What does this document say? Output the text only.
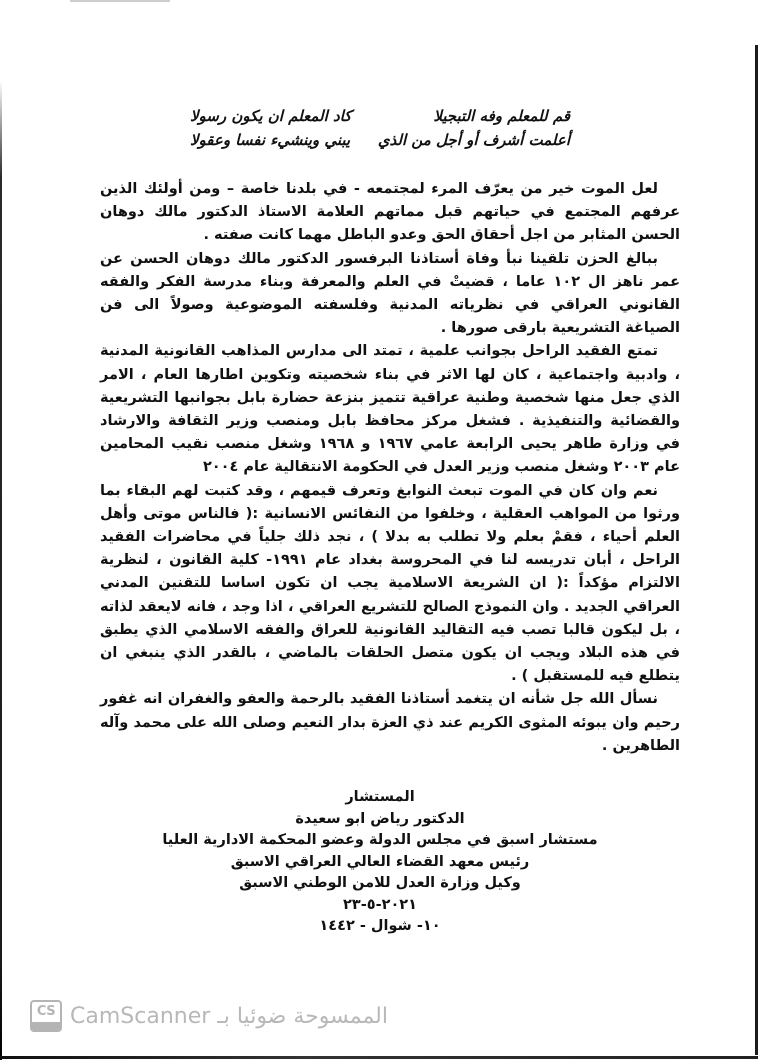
قم للمعلم وفه التبجيلا
كاد المعلم ان يكون رسولا
أعلمت أشرف أو أجل من الذي
يبني وينشيء نفسا وعقولا

لعل الموت خير من يعرّف المرء لمجتمعه - في بلدنا خاصة – ومن أولئك الذين عرفهم المجتمع في حياتهم قبل مماتهم العلامة الاستاذ الدكتور مالك دوهان الحسن المثابر من اجل أحقاق الحق وعدو الباطل مهما كانت صفته .

ببالغ الحزن تلقينا نبأ وفاة أستاذنا البرفسور الدكتور مالك دوهان الحسن عن عمر ناهز ال ١٠٢ عاما ، قضيتْ في العلم والمعرفة وبناء مدرسة الفكر والفقه القانوني العراقي في نظرياته المدنية وفلسفته الموضوعية وصولاً الى فن الصياغة التشريعية بارقى صورها .

تمتع الفقيد الراحل بجوانب علمية ، تمتد الى مدارس المذاهب القانونية المدنية ، وادبية واجتماعية ، كان لها الاثر في بناء شخصيته وتكوين اطارها العام ، الامر الذي جعل منها شخصية وطنية عراقية تتميز بنزعة حضارة بابل بجوانبها التشريعية والقضائية والتنفيذية . فشغل مركز محافظ بابل ومنصب وزير الثقافة والارشاد في وزارة طاهر يحيى الرابعة عامي ١٩٦٧ و ١٩٦٨ وشغل منصب نقيب المحامين عام ٢٠٠٣ وشغل منصب وزير العدل في الحكومة الانتقالية عام ٢٠٠٤

نعم وان كان في الموت تبعث النوابغ وتعرف قيمهم ، وقد كتبت لهم البقاء بما ورثوا من المواهب العقلية ، وخلفوا من النفائس الانسانية :( فالناس موتى وأهل العلم أحياء ، فقمْ بعلم ولا تطلب به بدلا ) ، نجد ذلك جلياً في محاضرات الفقيد الراحل ، أبان تدريسه لنا في المحروسة بغداد عام ١٩٩١- كلية القانون ، لنظرية الالتزام مؤكداً :( ان الشريعة الاسلامية يجب ان تكون اساسا للتقنين المدني العراقي الجديد . وان النموذج الصالح للتشريع العراقي ، اذا وجد ، فانه لايعقد لذاته ، بل ليكون قالبا تصب فيه التقاليد القانونية للعراق والفقه الاسلامي الذي يطبق في هذه البلاد ويجب ان يكون متصل الحلقات بالماضي ، بالقدر الذي ينبغي ان يتطلع فيه للمستقبل ) .

نسأل الله جل شأنه ان يتغمد أستاذنا الفقيد بالرحمة والعفو والغفران انه غفور رحيم وان يبوئه المثوى الكريم عند ذي العزة بدار النعيم وصلى الله على محمد وآله الطاهرين .

المستشار
الدكتور رياض ابو سعيدة
مستشار اسبق في مجلس الدولة وعضو المحكمة الادارية العليا
رئيس معهد القضاء العالي العراقي الاسبق
وكيل وزارة العدل للامن الوطني الاسبق
٢٠٢١-٥-٢٣
١٠- شوال - ١٤٤٢
CS الممسوحة ضوئيا بـ CamScanner
